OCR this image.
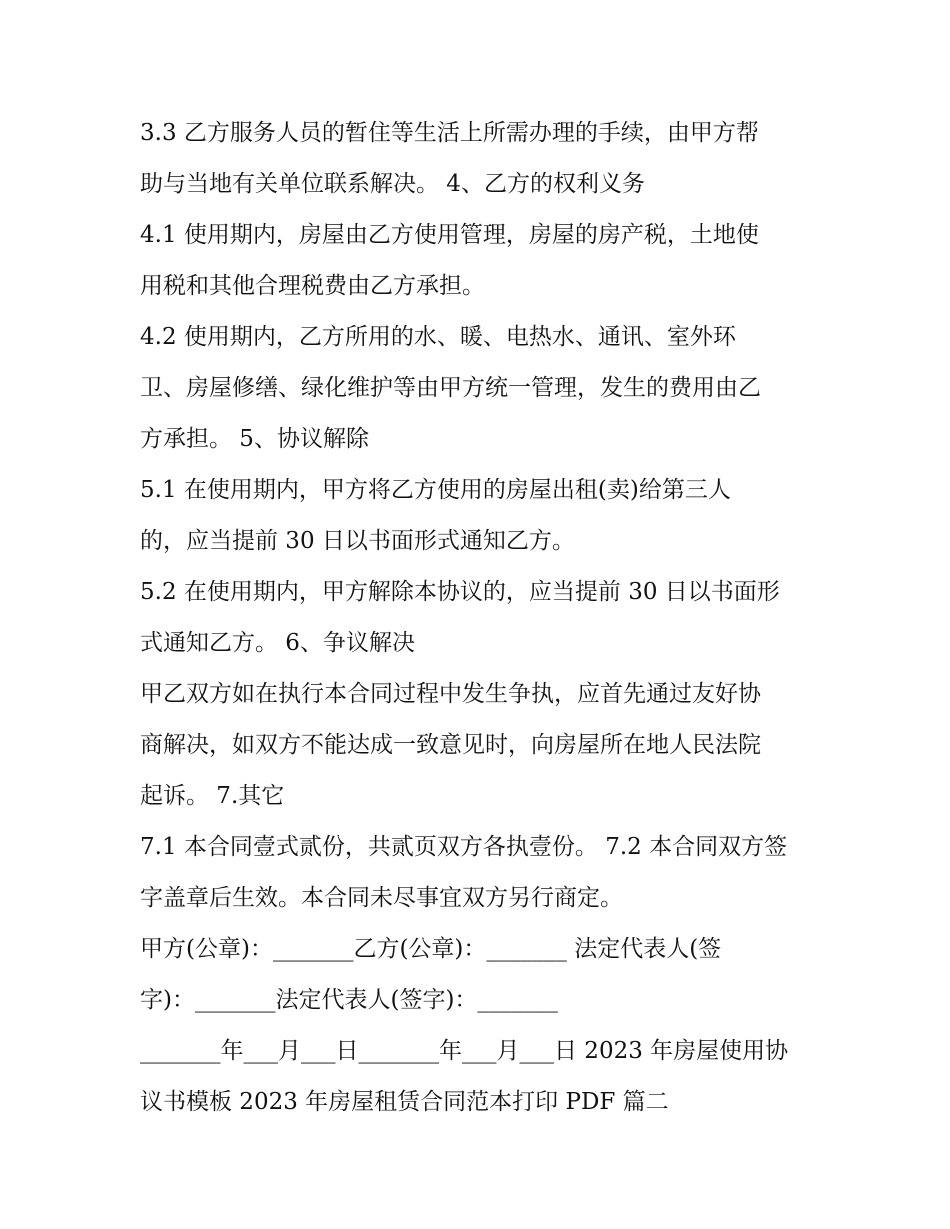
3.3 乙方服务人员的暂住等生活上所需办理的手续，由甲方帮
助与当地有关单位联系解决。 4、乙方的权利义务
4.1 使用期内，房屋由乙方使用管理，房屋的房产税，土地使
用税和其他合理税费由乙方承担。
4.2 使用期内，乙方所用的水、暖、电热水、通讯、室外环
卫、房屋修缮、绿化维护等由甲方统一管理，发生的费用由乙
方承担。 5、协议解除
5.1 在使用期内，甲方将乙方使用的房屋出租(卖)给第三人
的，应当提前 30 日以书面形式通知乙方。
5.2 在使用期内，甲方解除本协议的，应当提前 30 日以书面形
式通知乙方。 6、争议解决
甲乙双方如在执行本合同过程中发生争执，应首先通过友好协
商解决，如双方不能达成一致意见时，向房屋所在地人民法院
起诉。 7.其它
7.1 本合同壹式贰份，共贰页双方各执壹份。 7.2 本合同双方签
字盖章后生效。本合同未尽事宜双方另行商定。
甲方(公章)：_______乙方(公章)：_______ 法定代表人(签
字)：_______法定代表人(签字)：_______
_______年___月___日_______年___月___日 2023 年房屋使用协
议书模板 2023 年房屋租赁合同范本打印 PDF 篇二
